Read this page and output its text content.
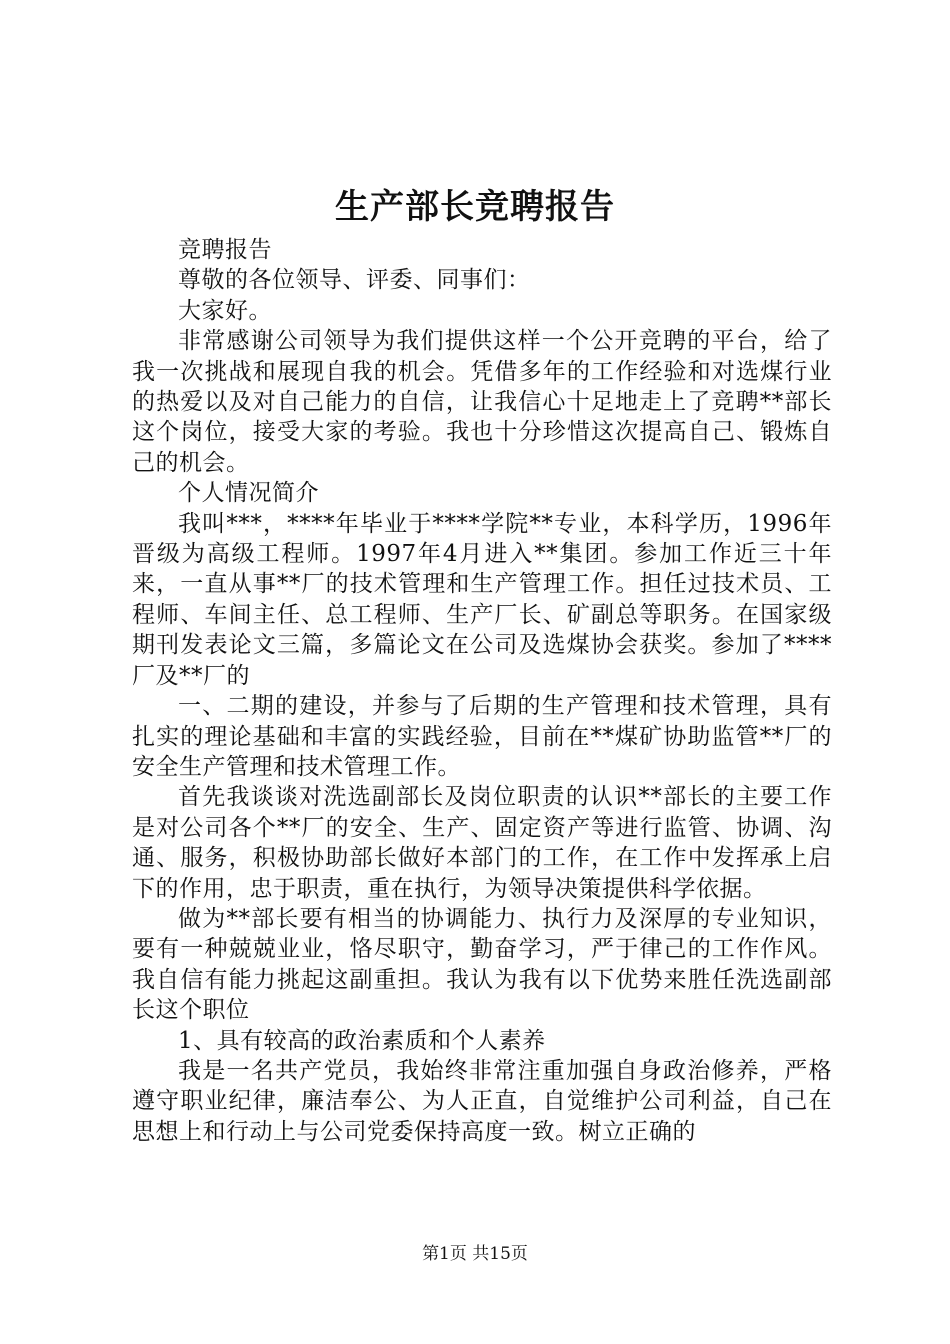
生产部长竞聘报告

竞聘报告

尊敬的各位领导、评委、同事们：

大家好。

非常感谢公司领导为我们提供这样一个公开竞聘的平台，给了我一次挑战和展现自我的机会。凭借多年的工作经验和对选煤行业的热爱以及对自己能力的自信，让我信心十足地走上了竞聘**部长这个岗位，接受大家的考验。我也十分珍惜这次提高自己、锻炼自己的机会。

个人情况简介

我叫***，****年毕业于****学院**专业，本科学历，1996年晋级为高级工程师。1997年4月进入**集团。参加工作近三十年来，一直从事**厂的技术管理和生产管理工作。担任过技术员、工程师、车间主任、总工程师、生产厂长、矿副总等职务。在国家级期刊发表论文三篇，多篇论文在公司及选煤协会获奖。参加了****厂及**厂的

一、二期的建设，并参与了后期的生产管理和技术管理，具有扎实的理论基础和丰富的实践经验，目前在**煤矿协助监管**厂的安全生产管理和技术管理工作。

首先我谈谈对洗选副部长及岗位职责的认识**部长的主要工作是对公司各个**厂的安全、生产、固定资产等进行监管、协调、沟通、服务，积极协助部长做好本部门的工作，在工作中发挥承上启下的作用，忠于职责，重在执行，为领导决策提供科学依据。

做为**部长要有相当的协调能力、执行力及深厚的专业知识，要有一种兢兢业业，恪尽职守，勤奋学习，严于律己的工作作风。我自信有能力挑起这副重担。我认为我有以下优势来胜任洗选副部长这个职位

1、具有较高的政治素质和个人素养

我是一名共产党员，我始终非常注重加强自身政治修养，严格遵守职业纪律，廉洁奉公、为人正直，自觉维护公司利益，自己在思想上和行动上与公司党委保持高度一致。树立正确的

第1页 共15页
